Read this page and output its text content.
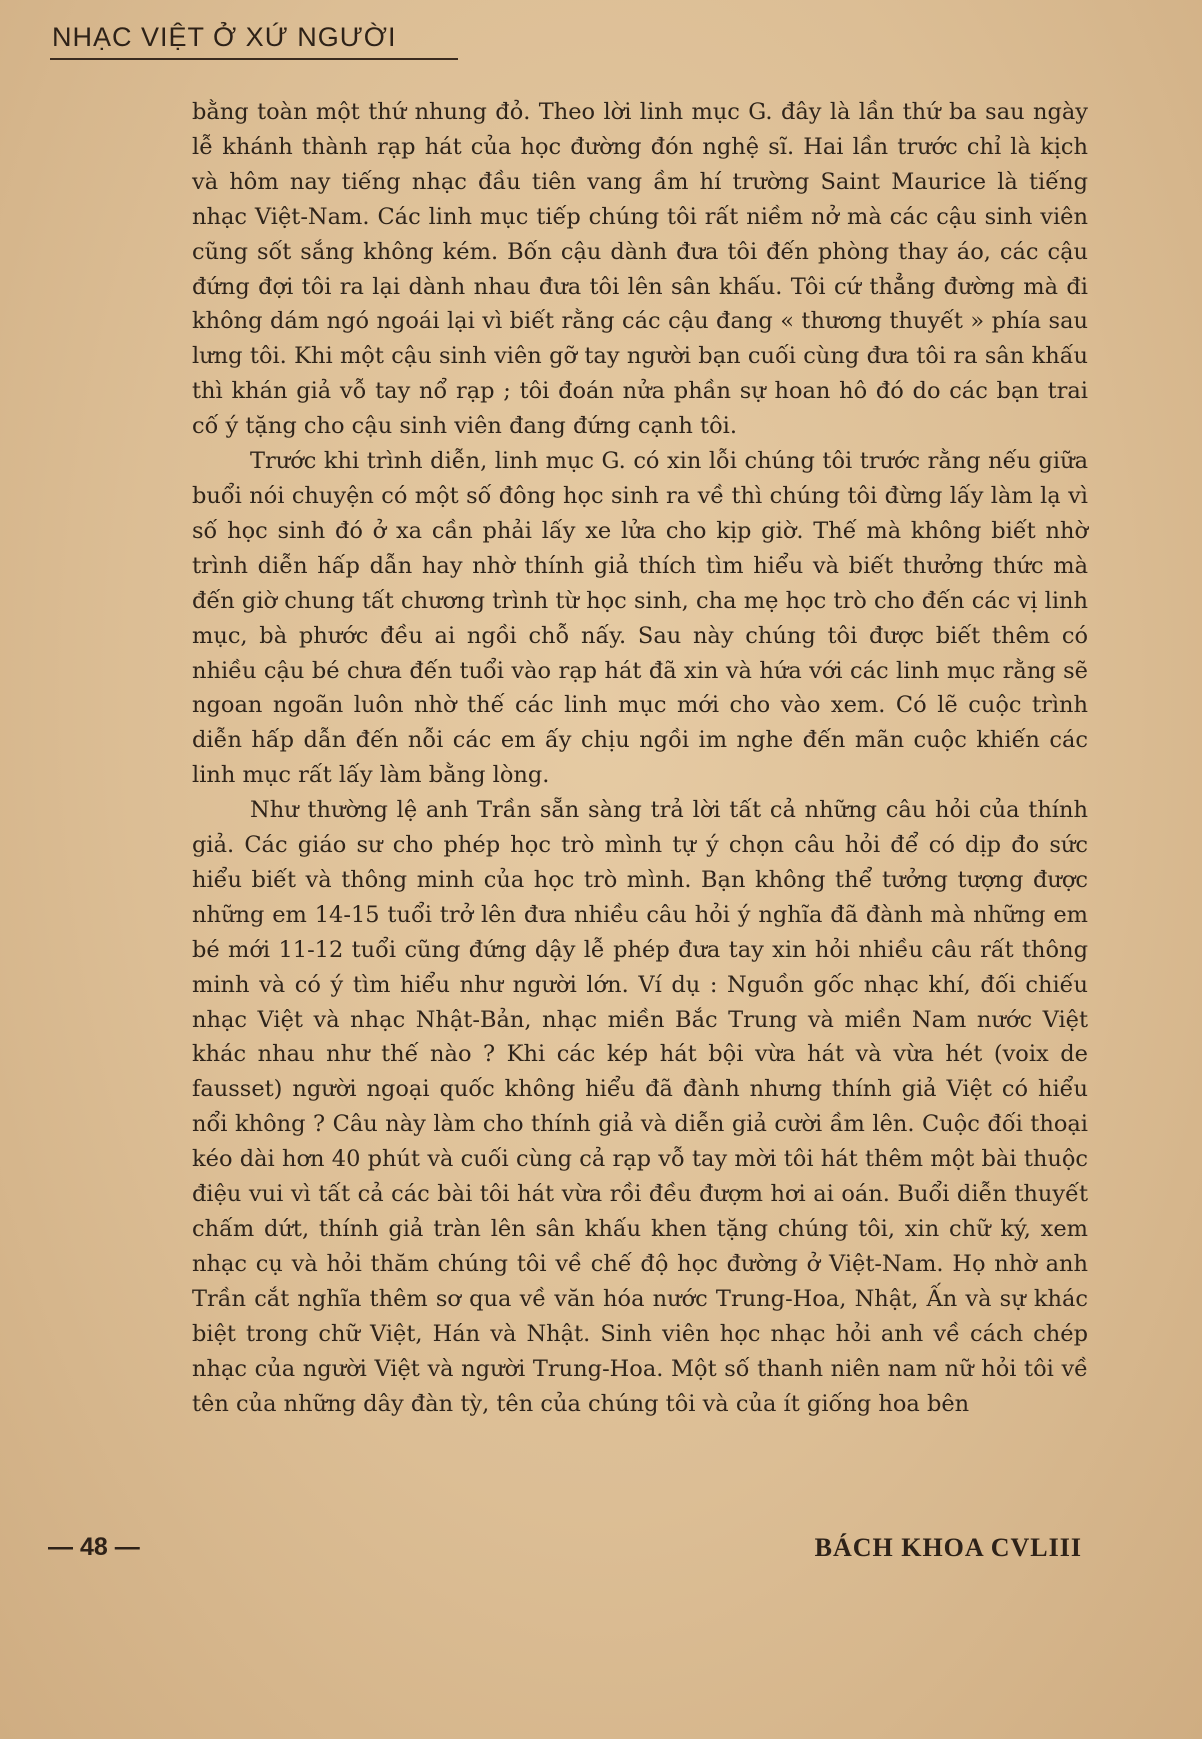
NHẠC VIỆT Ở XỨ NGƯỜI

bằng toàn một thứ nhung đỏ. Theo lời linh mục G. đây là lần thứ ba sau ngày lễ khánh thành rạp hát của học đường đón nghệ sĩ. Hai lần trước chỉ là kịch và hôm nay tiếng nhạc đầu tiên vang ầm hí trường Saint Maurice là tiếng nhạc Việt-Nam. Các linh mục tiếp chúng tôi rất niềm nở mà các cậu sinh viên cũng sốt sắng không kém. Bốn cậu dành đưa tôi đến phòng thay áo, các cậu đứng đợi tôi ra lại dành nhau đưa tôi lên sân khấu. Tôi cứ thẳng đường mà đi không dám ngó ngoái lại vì biết rằng các cậu đang « thương thuyết » phía sau lưng tôi. Khi một cậu sinh viên gỡ tay người bạn cuối cùng đưa tôi ra sân khấu thì khán giả vỗ tay nổ rạp ; tôi đoán nửa phần sự hoan hô đó do các bạn trai cố ý tặng cho cậu sinh viên đang đứng cạnh tôi.

Trước khi trình diễn, linh mục G. có xin lỗi chúng tôi trước rằng nếu giữa buổi nói chuyện có một số đông học sinh ra về thì chúng tôi đừng lấy làm lạ vì số học sinh đó ở xa cần phải lấy xe lửa cho kịp giờ. Thế mà không biết nhờ trình diễn hấp dẫn hay nhờ thính giả thích tìm hiểu và biết thưởng thức mà đến giờ chung tất chương trình từ học sinh, cha mẹ học trò cho đến các vị linh mục, bà phước đều ai ngồi chỗ nấy. Sau này chúng tôi được biết thêm có nhiều cậu bé chưa đến tuổi vào rạp hát đã xin và hứa với các linh mục rằng sẽ ngoan ngoãn luôn nhờ thế các linh mục mới cho vào xem. Có lẽ cuộc trình diễn hấp dẫn đến nỗi các em ấy chịu ngồi im nghe đến mãn cuộc khiến các linh mục rất lấy làm bằng lòng.

Như thường lệ anh Trần sẵn sàng trả lời tất cả những câu hỏi của thính giả. Các giáo sư cho phép học trò mình tự ý chọn câu hỏi để có dịp đo sức hiểu biết và thông minh của học trò mình. Bạn không thể tưởng tượng được những em 14-15 tuổi trở lên đưa nhiều câu hỏi ý nghĩa đã đành mà những em bé mới 11-12 tuổi cũng đứng dậy lễ phép đưa tay xin hỏi nhiều câu rất thông minh và có ý tìm hiểu như người lớn. Ví dụ : Nguồn gốc nhạc khí, đối chiếu nhạc Việt và nhạc Nhật-Bản, nhạc miền Bắc Trung và miền Nam nước Việt khác nhau như thế nào ? Khi các kép hát bội vừa hát và vừa hét (voix de fausset) người ngoại quốc không hiểu đã đành nhưng thính giả Việt có hiểu nổi không ? Câu này làm cho thính giả và diễn giả cười ầm lên. Cuộc đối thoại kéo dài hơn 40 phút và cuối cùng cả rạp vỗ tay mời tôi hát thêm một bài thuộc điệu vui vì tất cả các bài tôi hát vừa rồi đều đượm hơi ai oán. Buổi diễn thuyết chấm dứt, thính giả tràn lên sân khấu khen tặng chúng tôi, xin chữ ký, xem nhạc cụ và hỏi thăm chúng tôi về chế độ học đường ở Việt-Nam. Họ nhờ anh Trần cắt nghĩa thêm sơ qua về văn hóa nước Trung-Hoa, Nhật, Ấn và sự khác biệt trong chữ Việt, Hán và Nhật. Sinh viên học nhạc hỏi anh về cách chép nhạc của người Việt và người Trung-Hoa. Một số thanh niên nam nữ hỏi tôi về tên của những dây đàn tỳ, tên của chúng tôi và của ít giống hoa bên

— 48 —	BÁCH KHOA CVLIII
